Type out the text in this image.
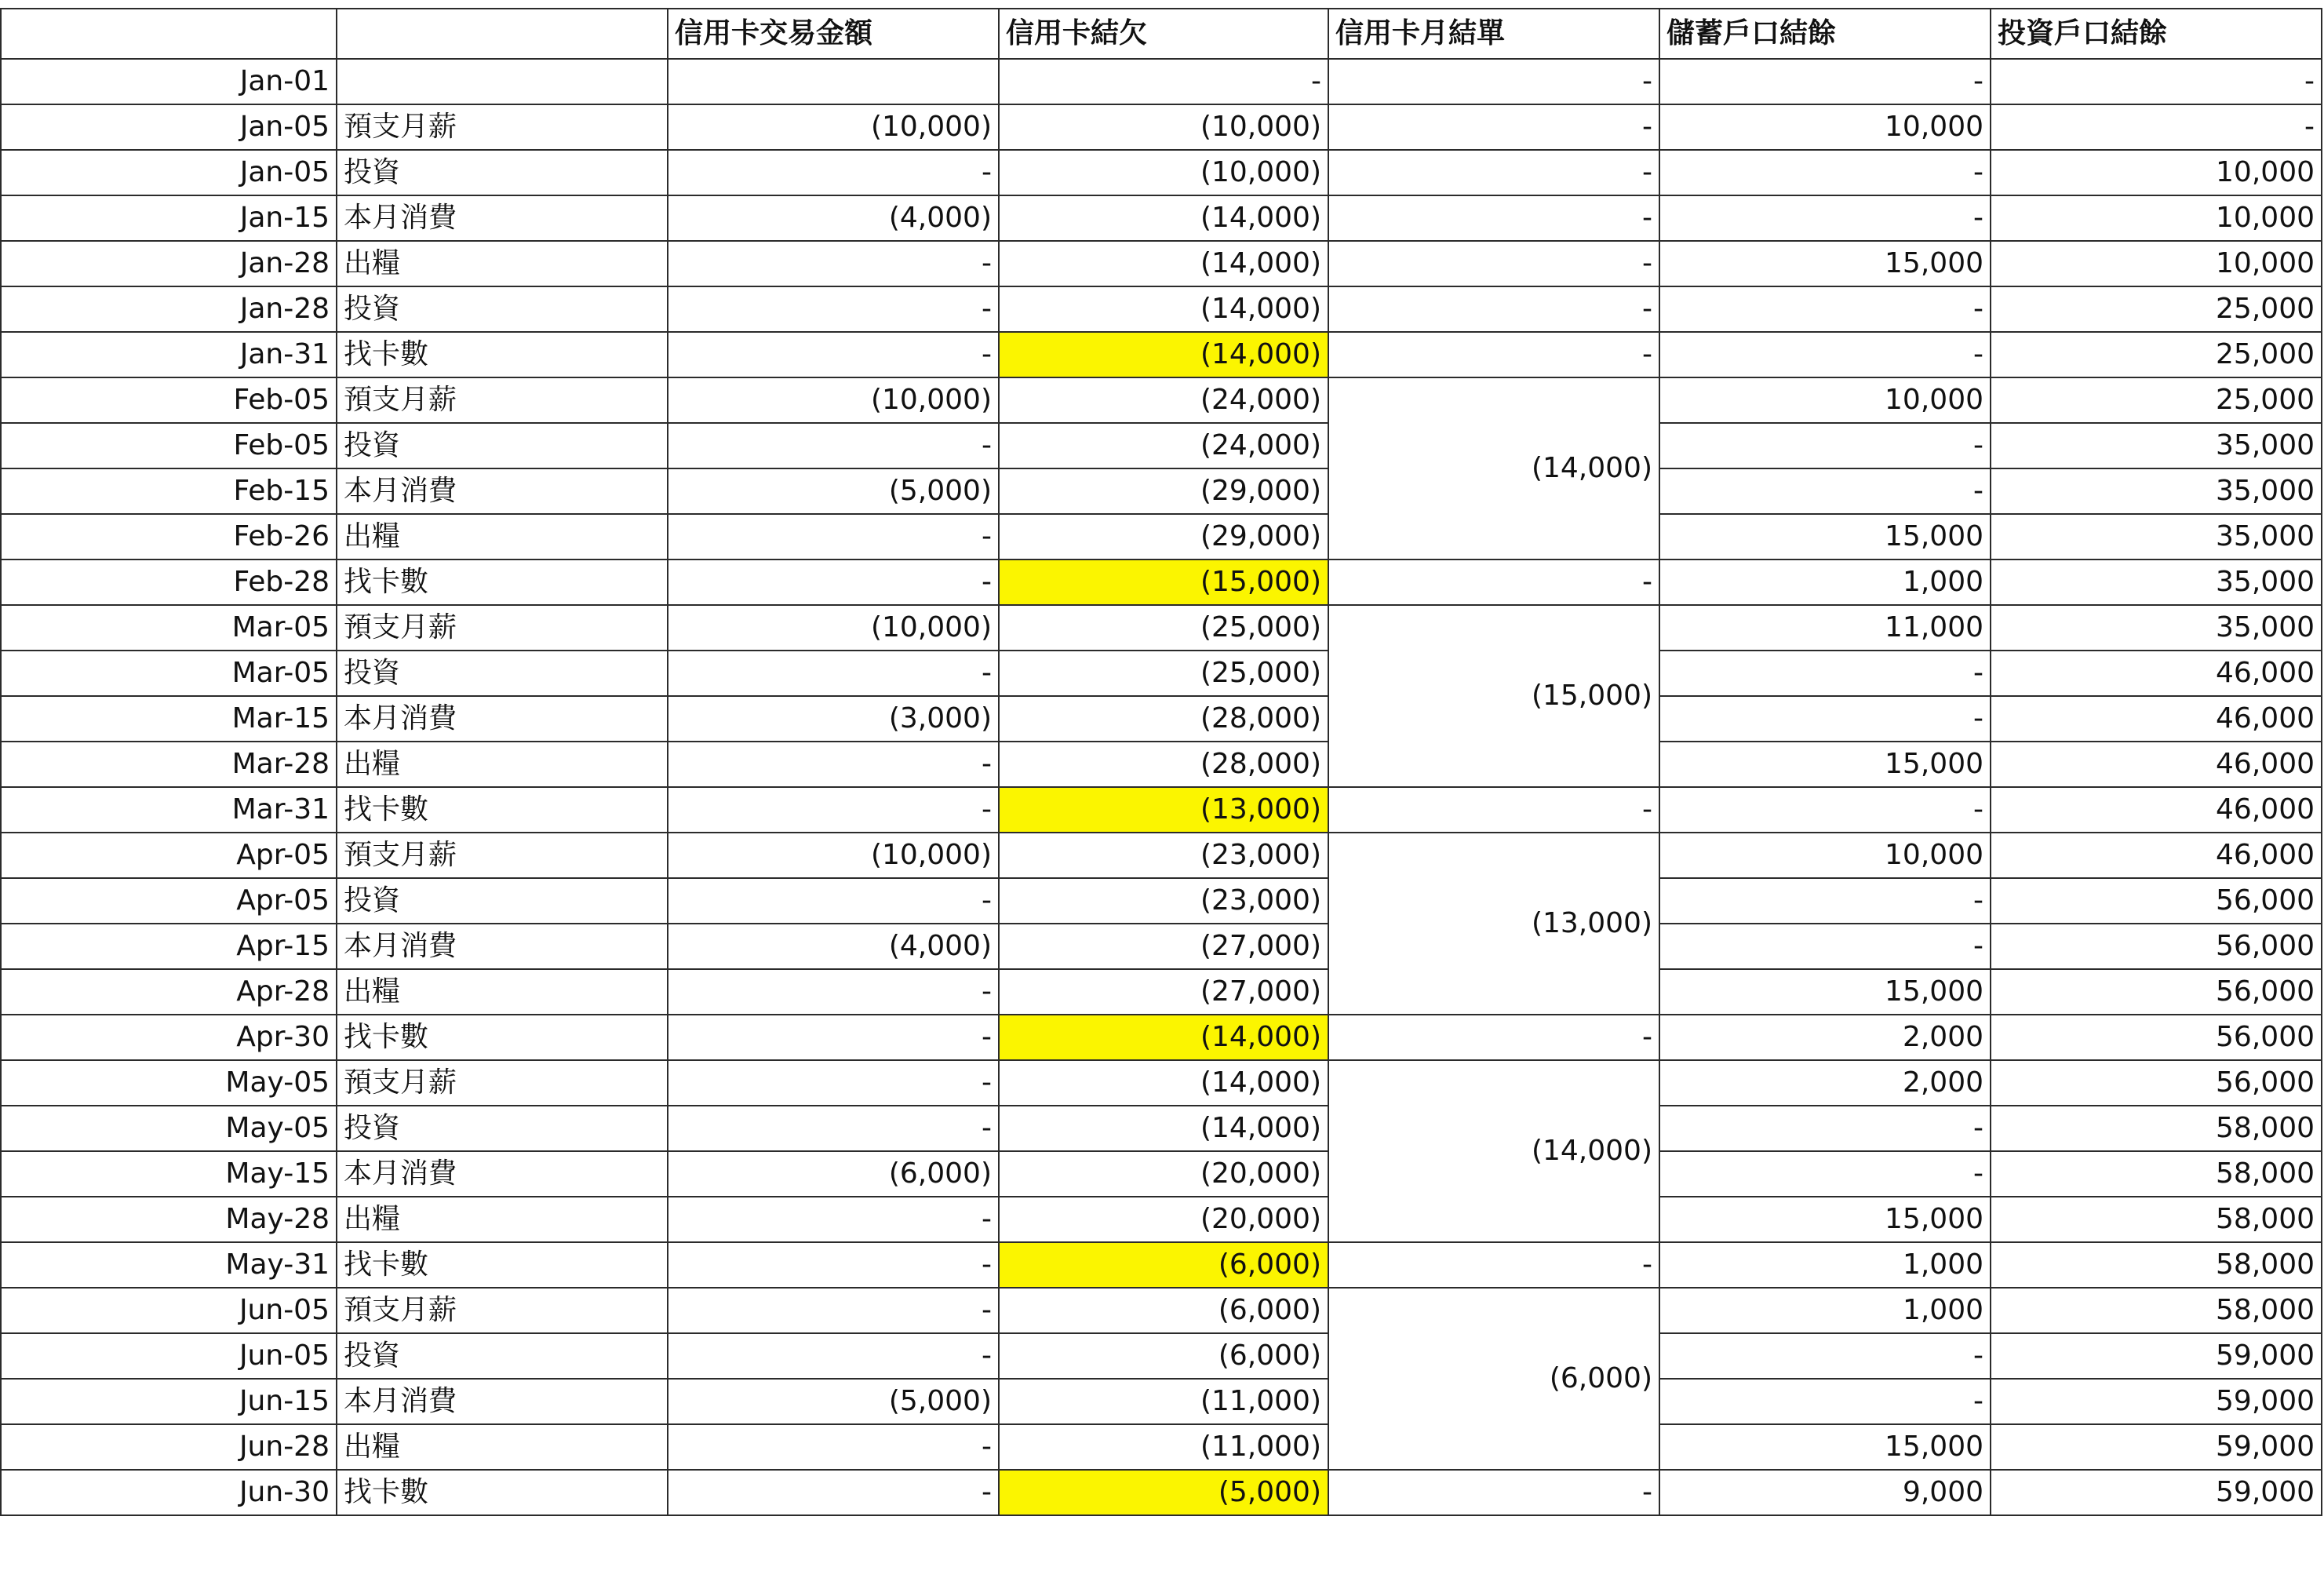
		信用卡交易金額	信用卡結欠	信用卡月結單	儲蓄戶口結餘	投資戶口結餘
Jan-01			-	-	-	-
Jan-05	預支月薪	(10,000)	(10,000)	-	10,000	-
Jan-05	投資	-	(10,000)	-	-	10,000
Jan-15	本月消費	(4,000)	(14,000)	-	-	10,000
Jan-28	出糧	-	(14,000)	-	15,000	10,000
Jan-28	投資	-	(14,000)	-	-	25,000
Jan-31	找卡數	-	(14,000)	-	-	25,000
Feb-05	預支月薪	(10,000)	(24,000)	(14,000)	10,000	25,000
Feb-05	投資	-	(24,000)		-	35,000
Feb-15	本月消費	(5,000)	(29,000)		-	35,000
Feb-26	出糧	-	(29,000)		15,000	35,000
Feb-28	找卡數	-	(15,000)	-	1,000	35,000
Mar-05	預支月薪	(10,000)	(25,000)	(15,000)	11,000	35,000
Mar-05	投資	-	(25,000)		-	46,000
Mar-15	本月消費	(3,000)	(28,000)		-	46,000
Mar-28	出糧	-	(28,000)		15,000	46,000
Mar-31	找卡數	-	(13,000)	-	-	46,000
Apr-05	預支月薪	(10,000)	(23,000)	(13,000)	10,000	46,000
Apr-05	投資	-	(23,000)		-	56,000
Apr-15	本月消費	(4,000)	(27,000)		-	56,000
Apr-28	出糧	-	(27,000)		15,000	56,000
Apr-30	找卡數	-	(14,000)	-	2,000	56,000
May-05	預支月薪	-	(14,000)	(14,000)	2,000	56,000
May-05	投資	-	(14,000)		-	58,000
May-15	本月消費	(6,000)	(20,000)		-	58,000
May-28	出糧	-	(20,000)		15,000	58,000
May-31	找卡數	-	(6,000)	-	1,000	58,000
Jun-05	預支月薪	-	(6,000)	(6,000)	1,000	58,000
Jun-05	投資	-	(6,000)		-	59,000
Jun-15	本月消費	(5,000)	(11,000)		-	59,000
Jun-28	出糧	-	(11,000)		15,000	59,000
Jun-30	找卡數	-	(5,000)	-	9,000	59,000
